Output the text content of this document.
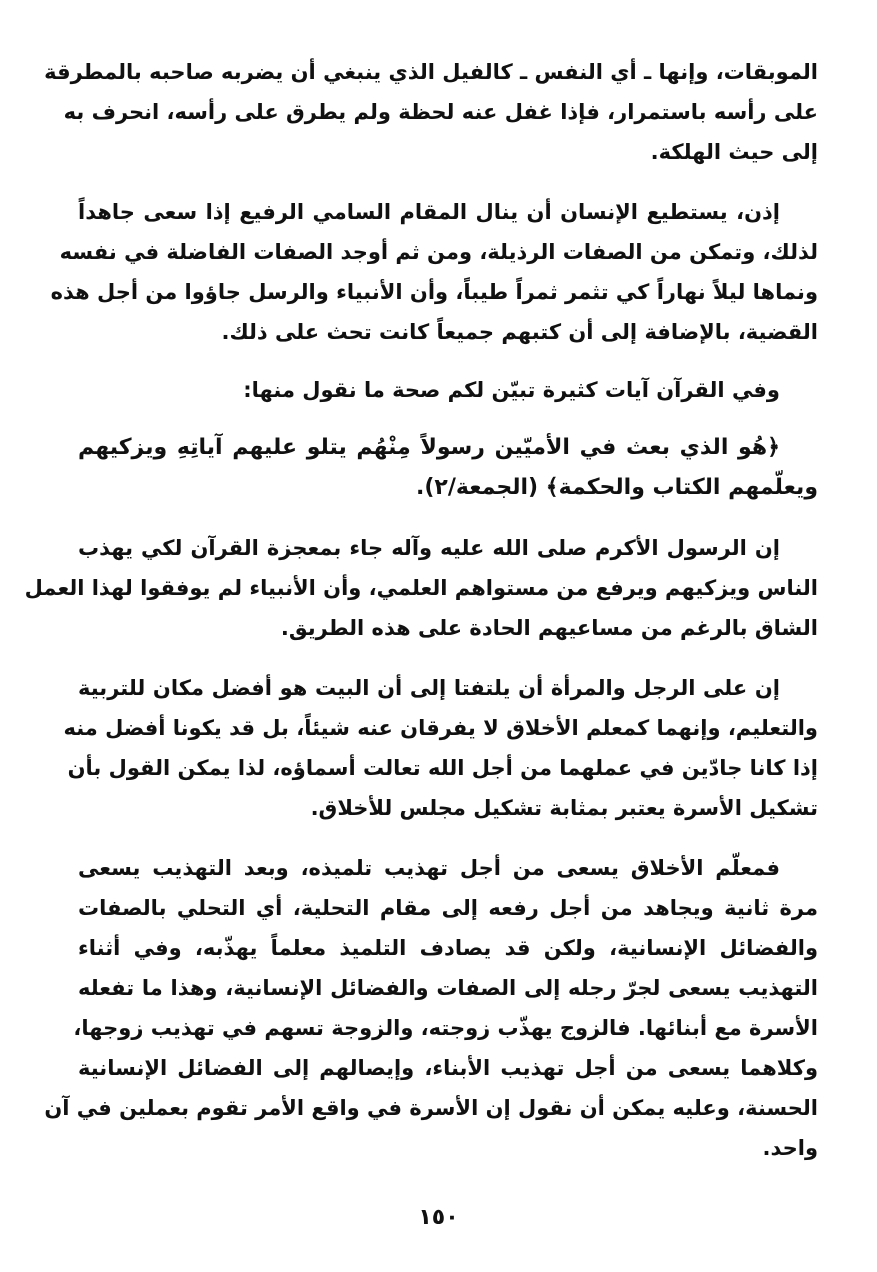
الموبقات، وإنها ـ أي النفس ـ كالفيل الذي ينبغي أن يضربه صاحبه بالمطرقة
على رأسه باستمرار، فإذا غفل عنه لحظة ولم يطرق على رأسه، انحرف به
إلى حيث الهلكة.
إذن، يستطيع الإنسان أن ينال المقام السامي الرفيع إذا سعى جاهداً
لذلك، وتمكن من الصفات الرذيلة، ومن ثم أوجد الصفات الفاضلة في نفسه
ونماها ليلاً نهاراً كي تثمر ثمراً طيباً، وأن الأنبياء والرسل جاؤوا من أجل هذه
القضية، بالإضافة إلى أن كتبهم جميعاً كانت تحث على ذلك.
وفي القرآن آيات كثيرة تبيّن لكم صحة ما نقول منها:
﴿هُو الذي بعث في الأميّين رسولاً مِنْهُم يتلو عليهم آياتِهِ ويزكيهم
ويعلّمهم الكتاب والحكمة﴾ (الجمعة/٢).
إن الرسول الأكرم صلى الله عليه وآله جاء بمعجزة القرآن لكي يهذب
الناس ويزكيهم ويرفع من مستواهم العلمي، وأن الأنبياء لم يوفقوا لهذا العمل
الشاق بالرغم من مساعيهم الحادة على هذه الطريق.
إن على الرجل والمرأة أن يلتفتا إلى أن البيت هو أفضل مكان للتربية
والتعليم، وإنهما كمعلم الأخلاق لا يفرقان عنه شيئاً، بل قد يكونا أفضل منه
إذا كانا جادّين في عملهما من أجل الله تعالت أسماؤه، لذا يمكن القول بأن
تشكيل الأسرة يعتبر بمثابة تشكيل مجلس للأخلاق.
فمعلّم الأخلاق يسعى من أجل تهذيب تلميذه، وبعد التهذيب يسعى
مرة ثانية ويجاهد من أجل رفعه إلى مقام التحلية، أي التحلي بالصفات
والفضائل الإنسانية، ولكن قد يصادف التلميذ معلماً يهذّبه، وفي أثناء
التهذيب يسعى لجرّ رجله إلى الصفات والفضائل الإنسانية، وهذا ما تفعله
الأسرة مع أبنائها. فالزوج يهذّب زوجته، والزوجة تسهم في تهذيب زوجها،
وكلاهما يسعى من أجل تهذيب الأبناء، وإيصالهم إلى الفضائل الإنسانية
الحسنة، وعليه يمكن أن نقول إن الأسرة في واقع الأمر تقوم بعملين في آن
واحد.
١٥٠
